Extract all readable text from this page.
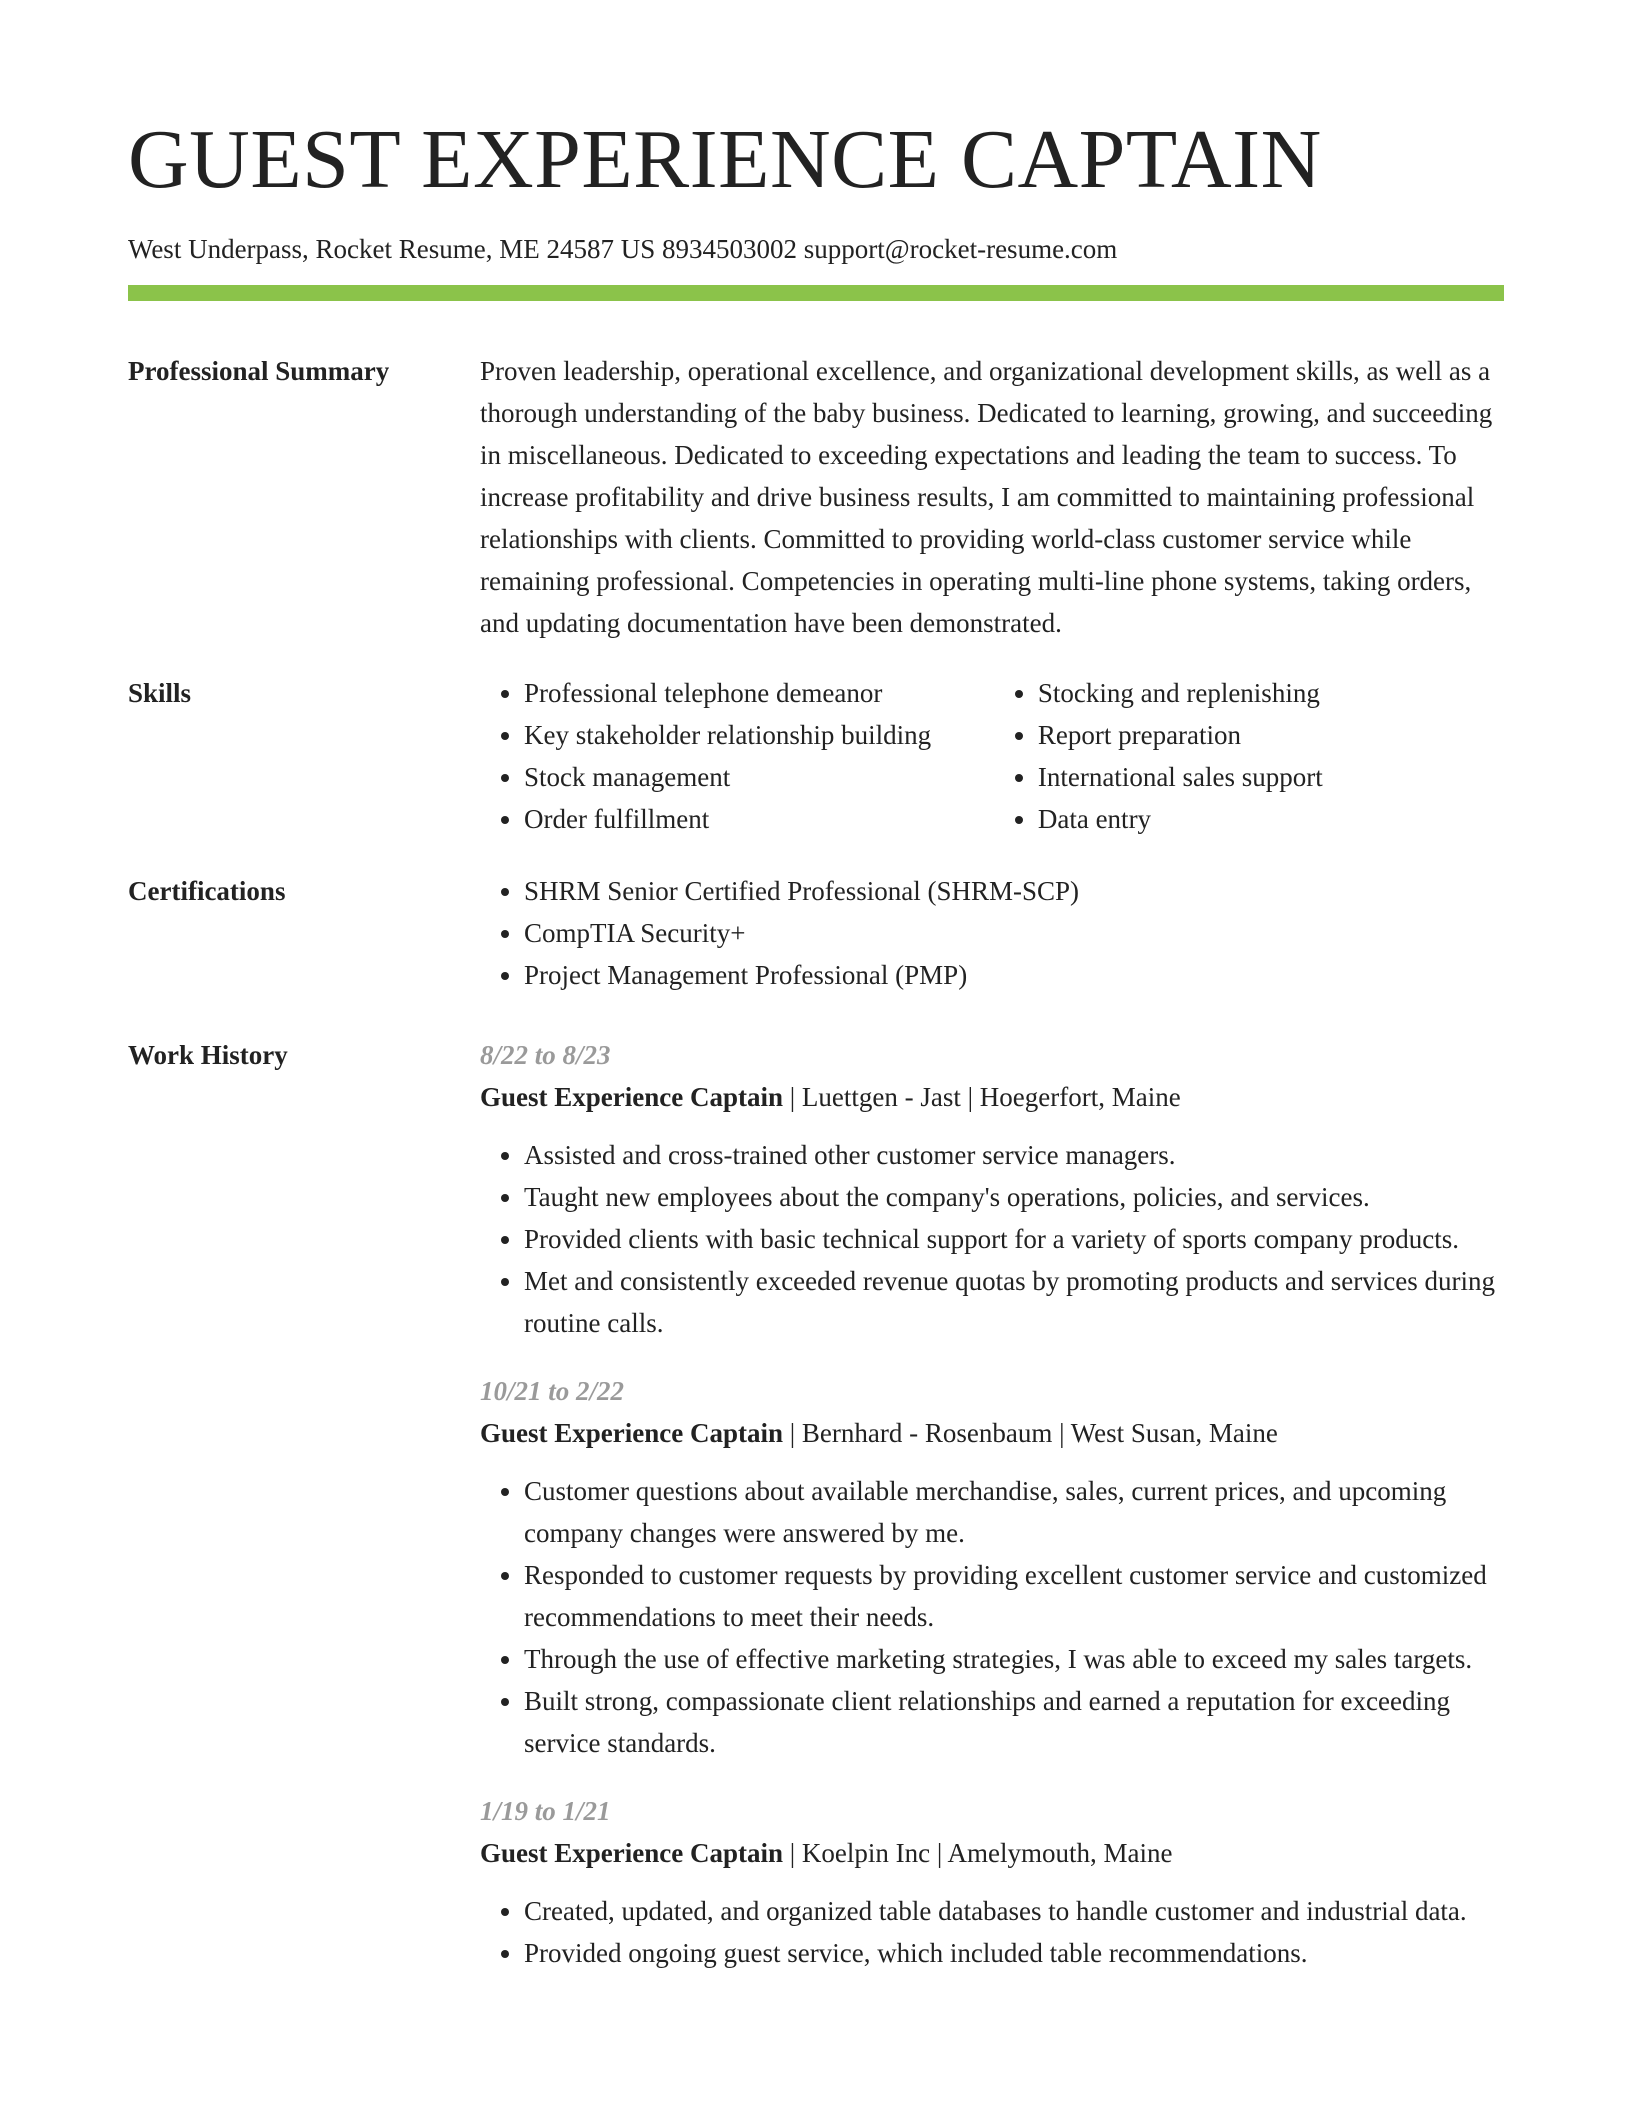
GUEST EXPERIENCE CAPTAIN
West Underpass, Rocket Resume, ME 24587 US 8934503002 support@rocket-resume.com
Professional Summary	Proven leadership, operational excellence, and organizational development skills, as well as a thorough understanding of the baby business. Dedicated to learning, growing, and succeeding in miscellaneous. Dedicated to exceeding expectations and leading the team to success. To increase profitability and drive business results, I am committed to maintaining professional relationships with clients. Committed to providing world-class customer service while remaining professional. Competencies in operating multi-line phone systems, taking orders, and updating documentation have been demonstrated.

Skills	• Professional telephone demeanor
• Key stakeholder relationship building
• Stock management
• Order fulfillment
• Stocking and replenishing
• Report preparation
• International sales support
• Data entry
Certifications	• SHRM Senior Certified Professional (SHRM-SCP)
• CompTIA Security+
• Project Management Professional (PMP)
Work History	8/22 to 8/23
Guest Experience Captain | Luettgen - Jast | Hoegerfort, Maine
• Assisted and cross-trained other customer service managers.
• Taught new employees about the company's operations, policies, and services.
• Provided clients with basic technical support for a variety of sports company products.
• Met and consistently exceeded revenue quotas by promoting products and services during routine calls.
10/21 to 2/22
Guest Experience Captain | Bernhard - Rosenbaum | West Susan, Maine
• Customer questions about available merchandise, sales, current prices, and upcoming company changes were answered by me.
• Responded to customer requests by providing excellent customer service and customized recommendations to meet their needs.
• Through the use of effective marketing strategies, I was able to exceed my sales targets.
• Built strong, compassionate client relationships and earned a reputation for exceeding service standards.
1/19 to 1/21
Guest Experience Captain | Koelpin Inc | Amelymouth, Maine
• Created, updated, and organized table databases to handle customer and industrial data.
• Provided ongoing guest service, which included table recommendations.
